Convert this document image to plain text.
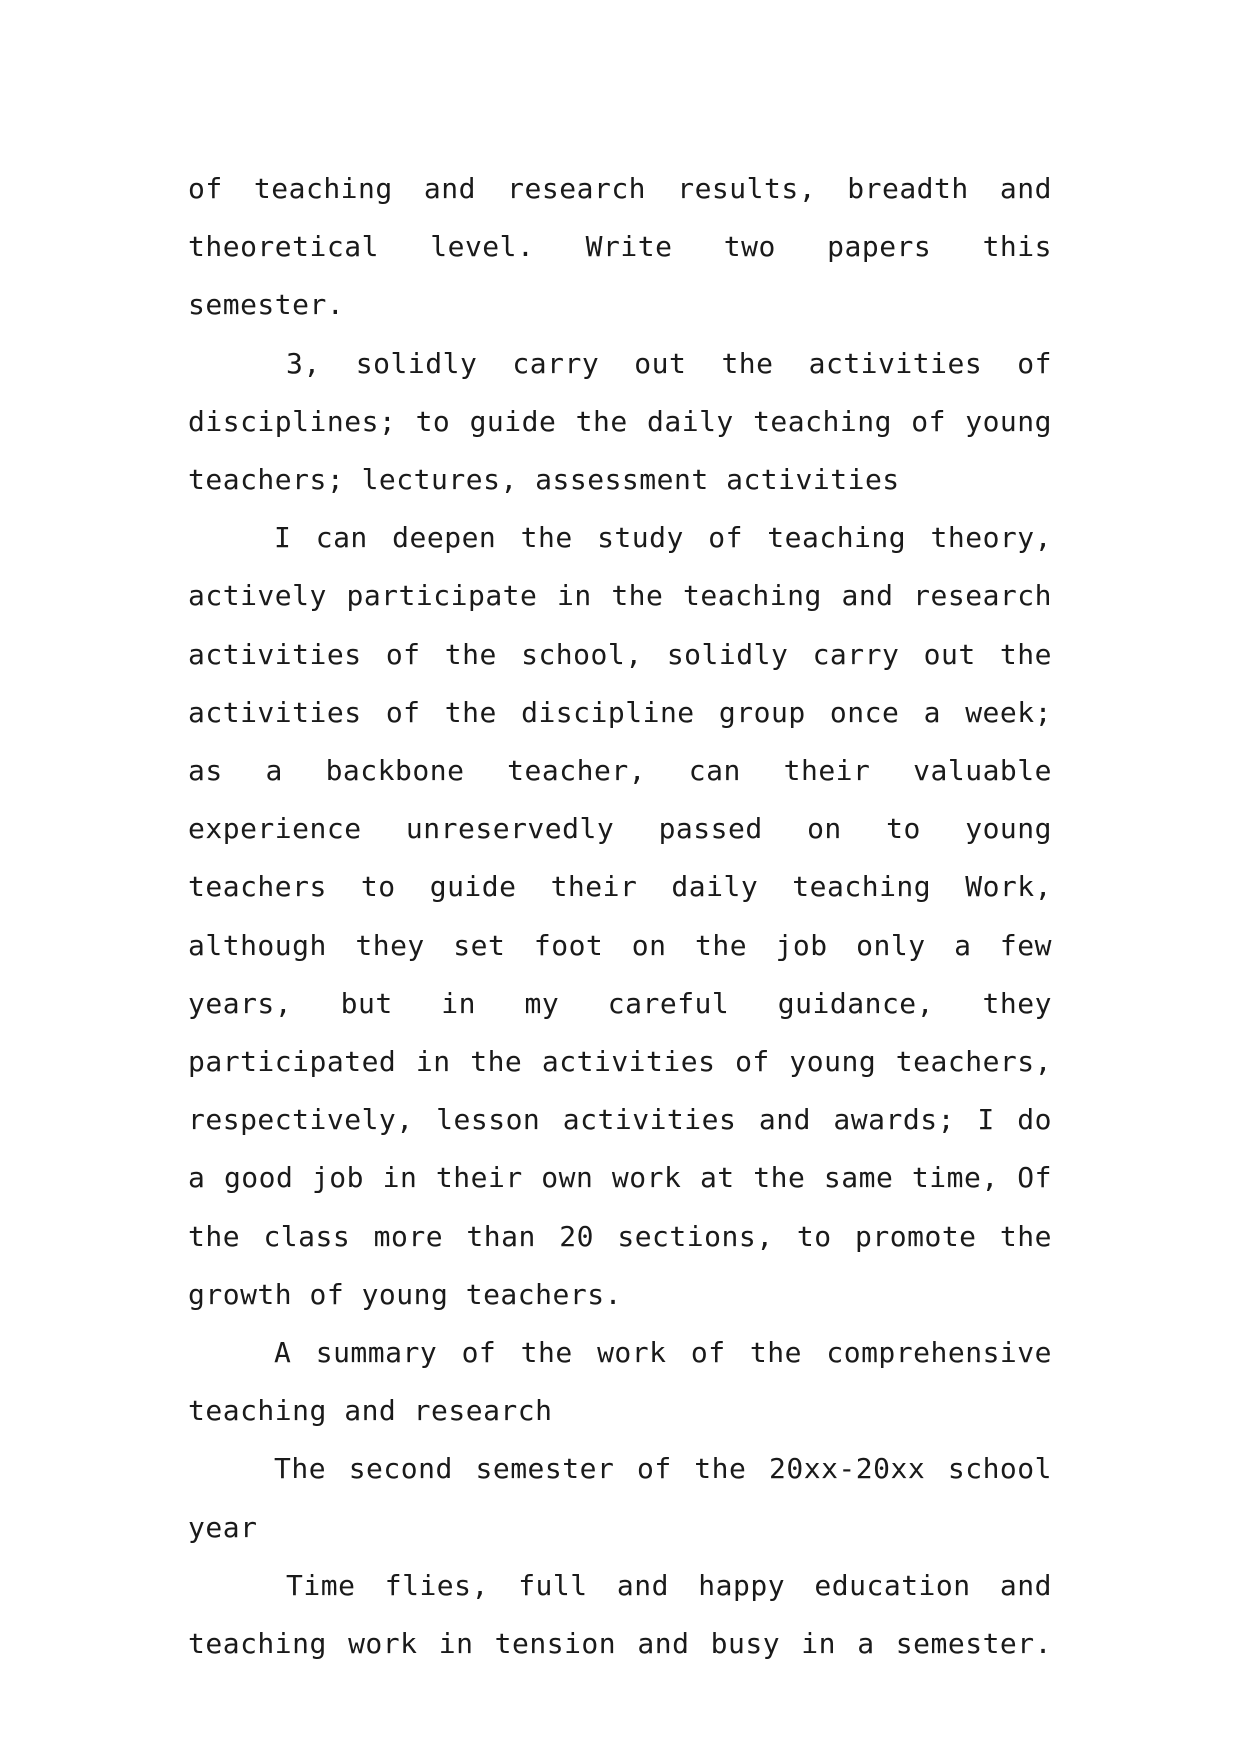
of teaching and research results, breadth and theoretical level. Write two papers this semester.

3, solidly carry out the activities of disciplines; to guide the daily teaching of young teachers; lectures, assessment activities

I can deepen the study of teaching theory, actively participate in the teaching and research activities of the school, solidly carry out the activities of the discipline group once a week; as a backbone teacher, can their valuable experience unreservedly passed on to young teachers to guide their daily teaching Work, although they set foot on the job only a few years, but in my careful guidance, they participated in the activities of young teachers, respectively, lesson activities and awards; I do a good job in their own work at the same time, Of the class more than 20 sections, to promote the growth of young teachers.

A summary of the work of the comprehensive teaching and research

The second semester of the 20xx-20xx school year

Time flies, full and happy education and teaching work in tension and busy in a semester.
